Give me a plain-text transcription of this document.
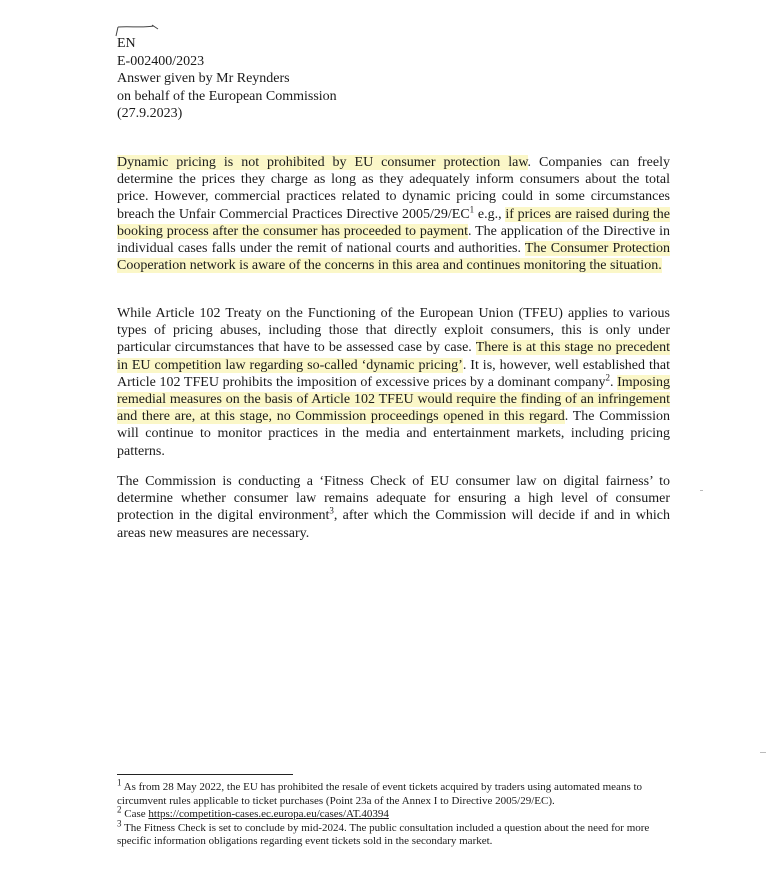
EN
E-002400/2023
Answer given by Mr Reynders
on behalf of the European Commission
(27.9.2023)

Dynamic pricing is not prohibited by EU consumer protection law. Companies can freely determine the prices they charge as long as they adequately inform consumers about the total price. However, commercial practices related to dynamic pricing could in some circumstances breach the Unfair Commercial Practices Directive $2005/29/EC^1$ e.g., if prices are raised during the booking process after the consumer has proceeded to payment. The application of the Directive in individual cases falls under the remit of national courts and authorities. The Consumer Protection Cooperation network is aware of the concerns in this area and continues monitoring the situation.

While Article 102 Treaty on the Functioning of the European Union (TFEU) applies to various types of pricing abuses, including those that directly exploit consumers, this is only under particular circumstances that have to be assessed case by case. There is at this stage no precedent in EU competition law regarding so-called ‘dynamic pricing’. It is, however, well established that Article 102 TFEU prohibits the imposition of excessive prices by a dominant company$^2$. Imposing remedial measures on the basis of Article 102 TFEU would require the finding of an infringement and there are, at this stage, no Commission proceedings opened in this regard. The Commission will continue to monitor practices in the media and entertainment markets, including pricing patterns.

The Commission is conducting a ‘Fitness Check of EU consumer law on digital fairness’ to determine whether consumer law remains adequate for ensuring a high level of consumer protection in the digital environment$^3$, after which the Commission will decide if and in which areas new measures are necessary.

$^1$ As from 28 May 2022, the EU has prohibited the resale of event tickets acquired by traders using automated means to circumvent rules applicable to ticket purchases (Point 23a of the Annex I to Directive 2005/29/EC).

$^2$ Case https://competition-cases.ec.europa.eu/cases/AT.40394

$^3$ The Fitness Check is set to conclude by mid-2024. The public consultation included a question about the need for more specific information obligations regarding event tickets sold in the secondary market.
